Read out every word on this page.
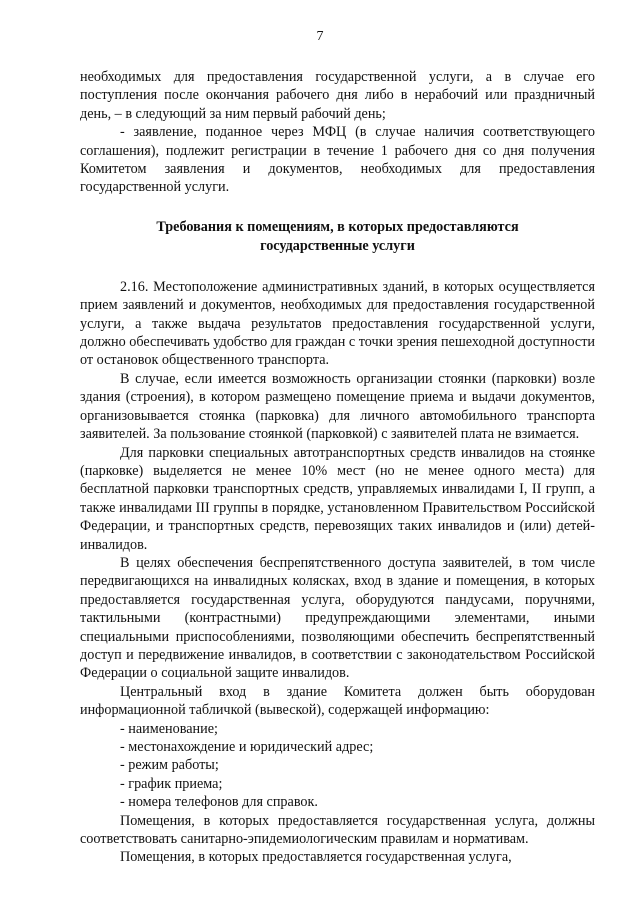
7

необходимых для предоставления государственной услуги, а в случае его поступления после окончания рабочего дня либо в нерабочий или праздничный день, – в следующий за ним первый рабочий день;

- заявление, поданное через МФЦ (в случае наличия соответствующего соглашения), подлежит регистрации в течение 1 рабочего дня со дня получения Комитетом заявления и документов, необходимых для предоставления государственной услуги.

Требования к помещениям, в которых предоставляются
государственные услуги

2.16. Местоположение административных зданий, в которых осуществляется прием заявлений и документов, необходимых для предоставления государственной услуги, а также выдача результатов предоставления государственной услуги, должно обеспечивать удобство для граждан с точки зрения пешеходной доступности от остановок общественного транспорта.

В случае, если имеется возможность организации стоянки (парковки) возле здания (строения), в котором размещено помещение приема и выдачи документов, организовывается стоянка (парковка) для личного автомобильного транспорта заявителей. За пользование стоянкой (парковкой) с заявителей плата не взимается.

Для парковки специальных автотранспортных средств инвалидов на стоянке (парковке) выделяется не менее 10% мест (но не менее одного места) для бесплатной парковки транспортных средств, управляемых инвалидами I, II групп, а также инвалидами III группы в порядке, установленном Правительством Российской Федерации, и транспортных средств, перевозящих таких инвалидов и (или) детей-инвалидов.

В целях обеспечения беспрепятственного доступа заявителей, в том числе передвигающихся на инвалидных колясках, вход в здание и помещения, в которых предоставляется государственная услуга, оборудуются пандусами, поручнями, тактильными (контрастными) предупреждающими элементами, иными специальными приспособлениями, позволяющими обеспечить беспрепятственный доступ и передвижение инвалидов, в соответствии с законодательством Российской Федерации о социальной защите инвалидов.

Центральный вход в здание Комитета должен быть оборудован информационной табличкой (вывеской), содержащей информацию:

- наименование;

- местонахождение и юридический адрес;

- режим работы;

- график приема;

- номера телефонов для справок.

Помещения, в которых предоставляется государственная услуга, должны соответствовать санитарно-эпидемиологическим правилам и нормативам.

Помещения, в которых предоставляется государственная услуга,
